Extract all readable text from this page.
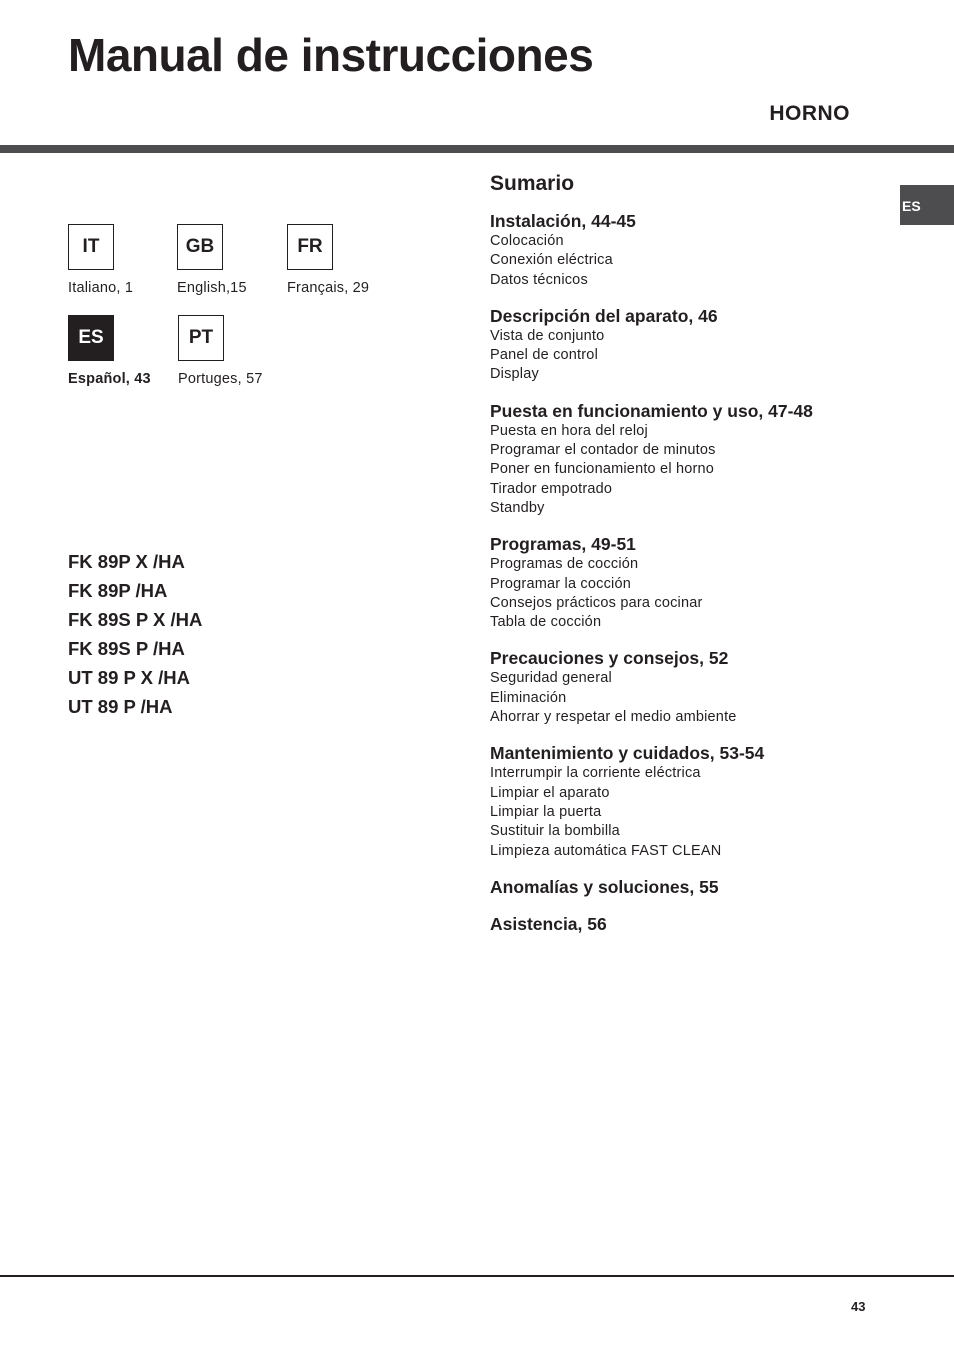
Manual de instrucciones
HORNO
ES
IT
Italiano, 1
GB
English,15
FR
Français, 29
ES
Español, 43
PT
Portuges, 57
FK 89P X /HA
FK 89P /HA
FK 89S P X /HA
FK 89S P /HA
UT 89 P X /HA
UT 89 P /HA
Sumario
Instalación, 44-45
Colocación
Conexión eléctrica
Datos técnicos
Descripción del aparato, 46
Vista de conjunto
Panel de control
Display
Puesta en funcionamiento y uso, 47-48
Puesta en hora del reloj
Programar el contador de minutos
Poner en funcionamiento el horno
Tirador empotrado
Standby
Programas, 49-51
Programas de cocción
Programar la cocción
Consejos prácticos para cocinar
Tabla de cocción
Precauciones y consejos, 52
Seguridad general
Eliminación
Ahorrar y respetar el medio ambiente
Mantenimiento y cuidados, 53-54
Interrumpir la corriente eléctrica
Limpiar el aparato
Limpiar la puerta
Sustituir la bombilla
Limpieza automática FAST CLEAN
Anomalías y soluciones, 55
Asistencia, 56
43
